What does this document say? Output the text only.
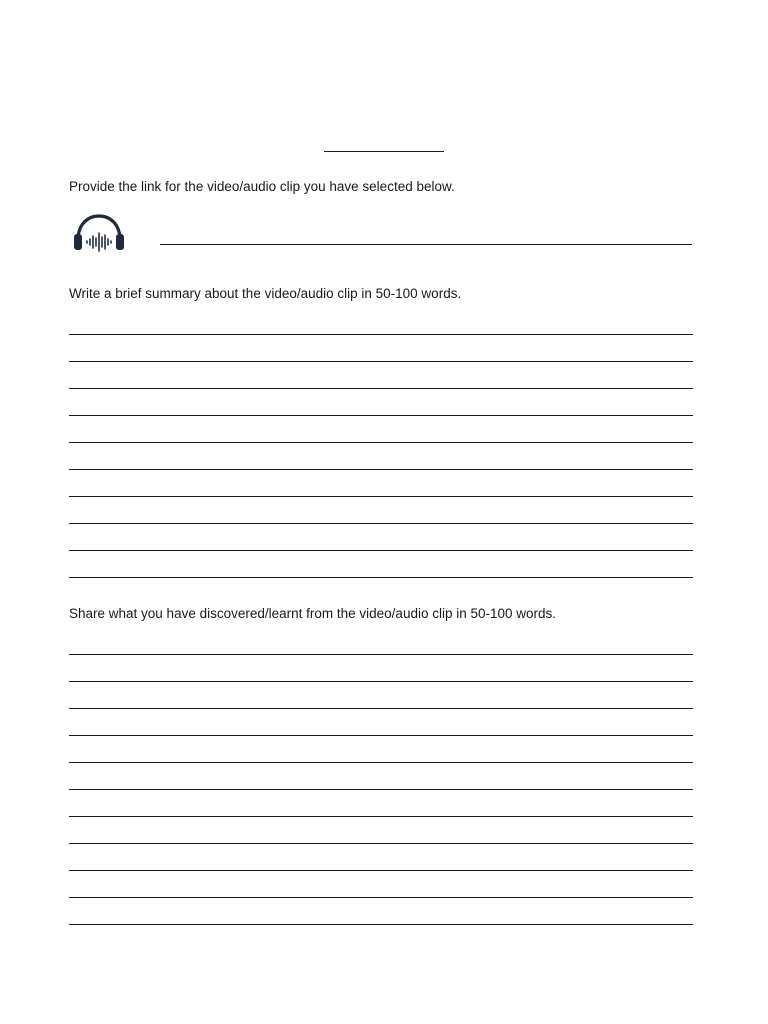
Provide the link for the video/audio clip you have selected below.
Write a brief summary about the video/audio clip in 50-100 words.
Share what you have discovered/learnt from the video/audio clip in 50-100 words.
